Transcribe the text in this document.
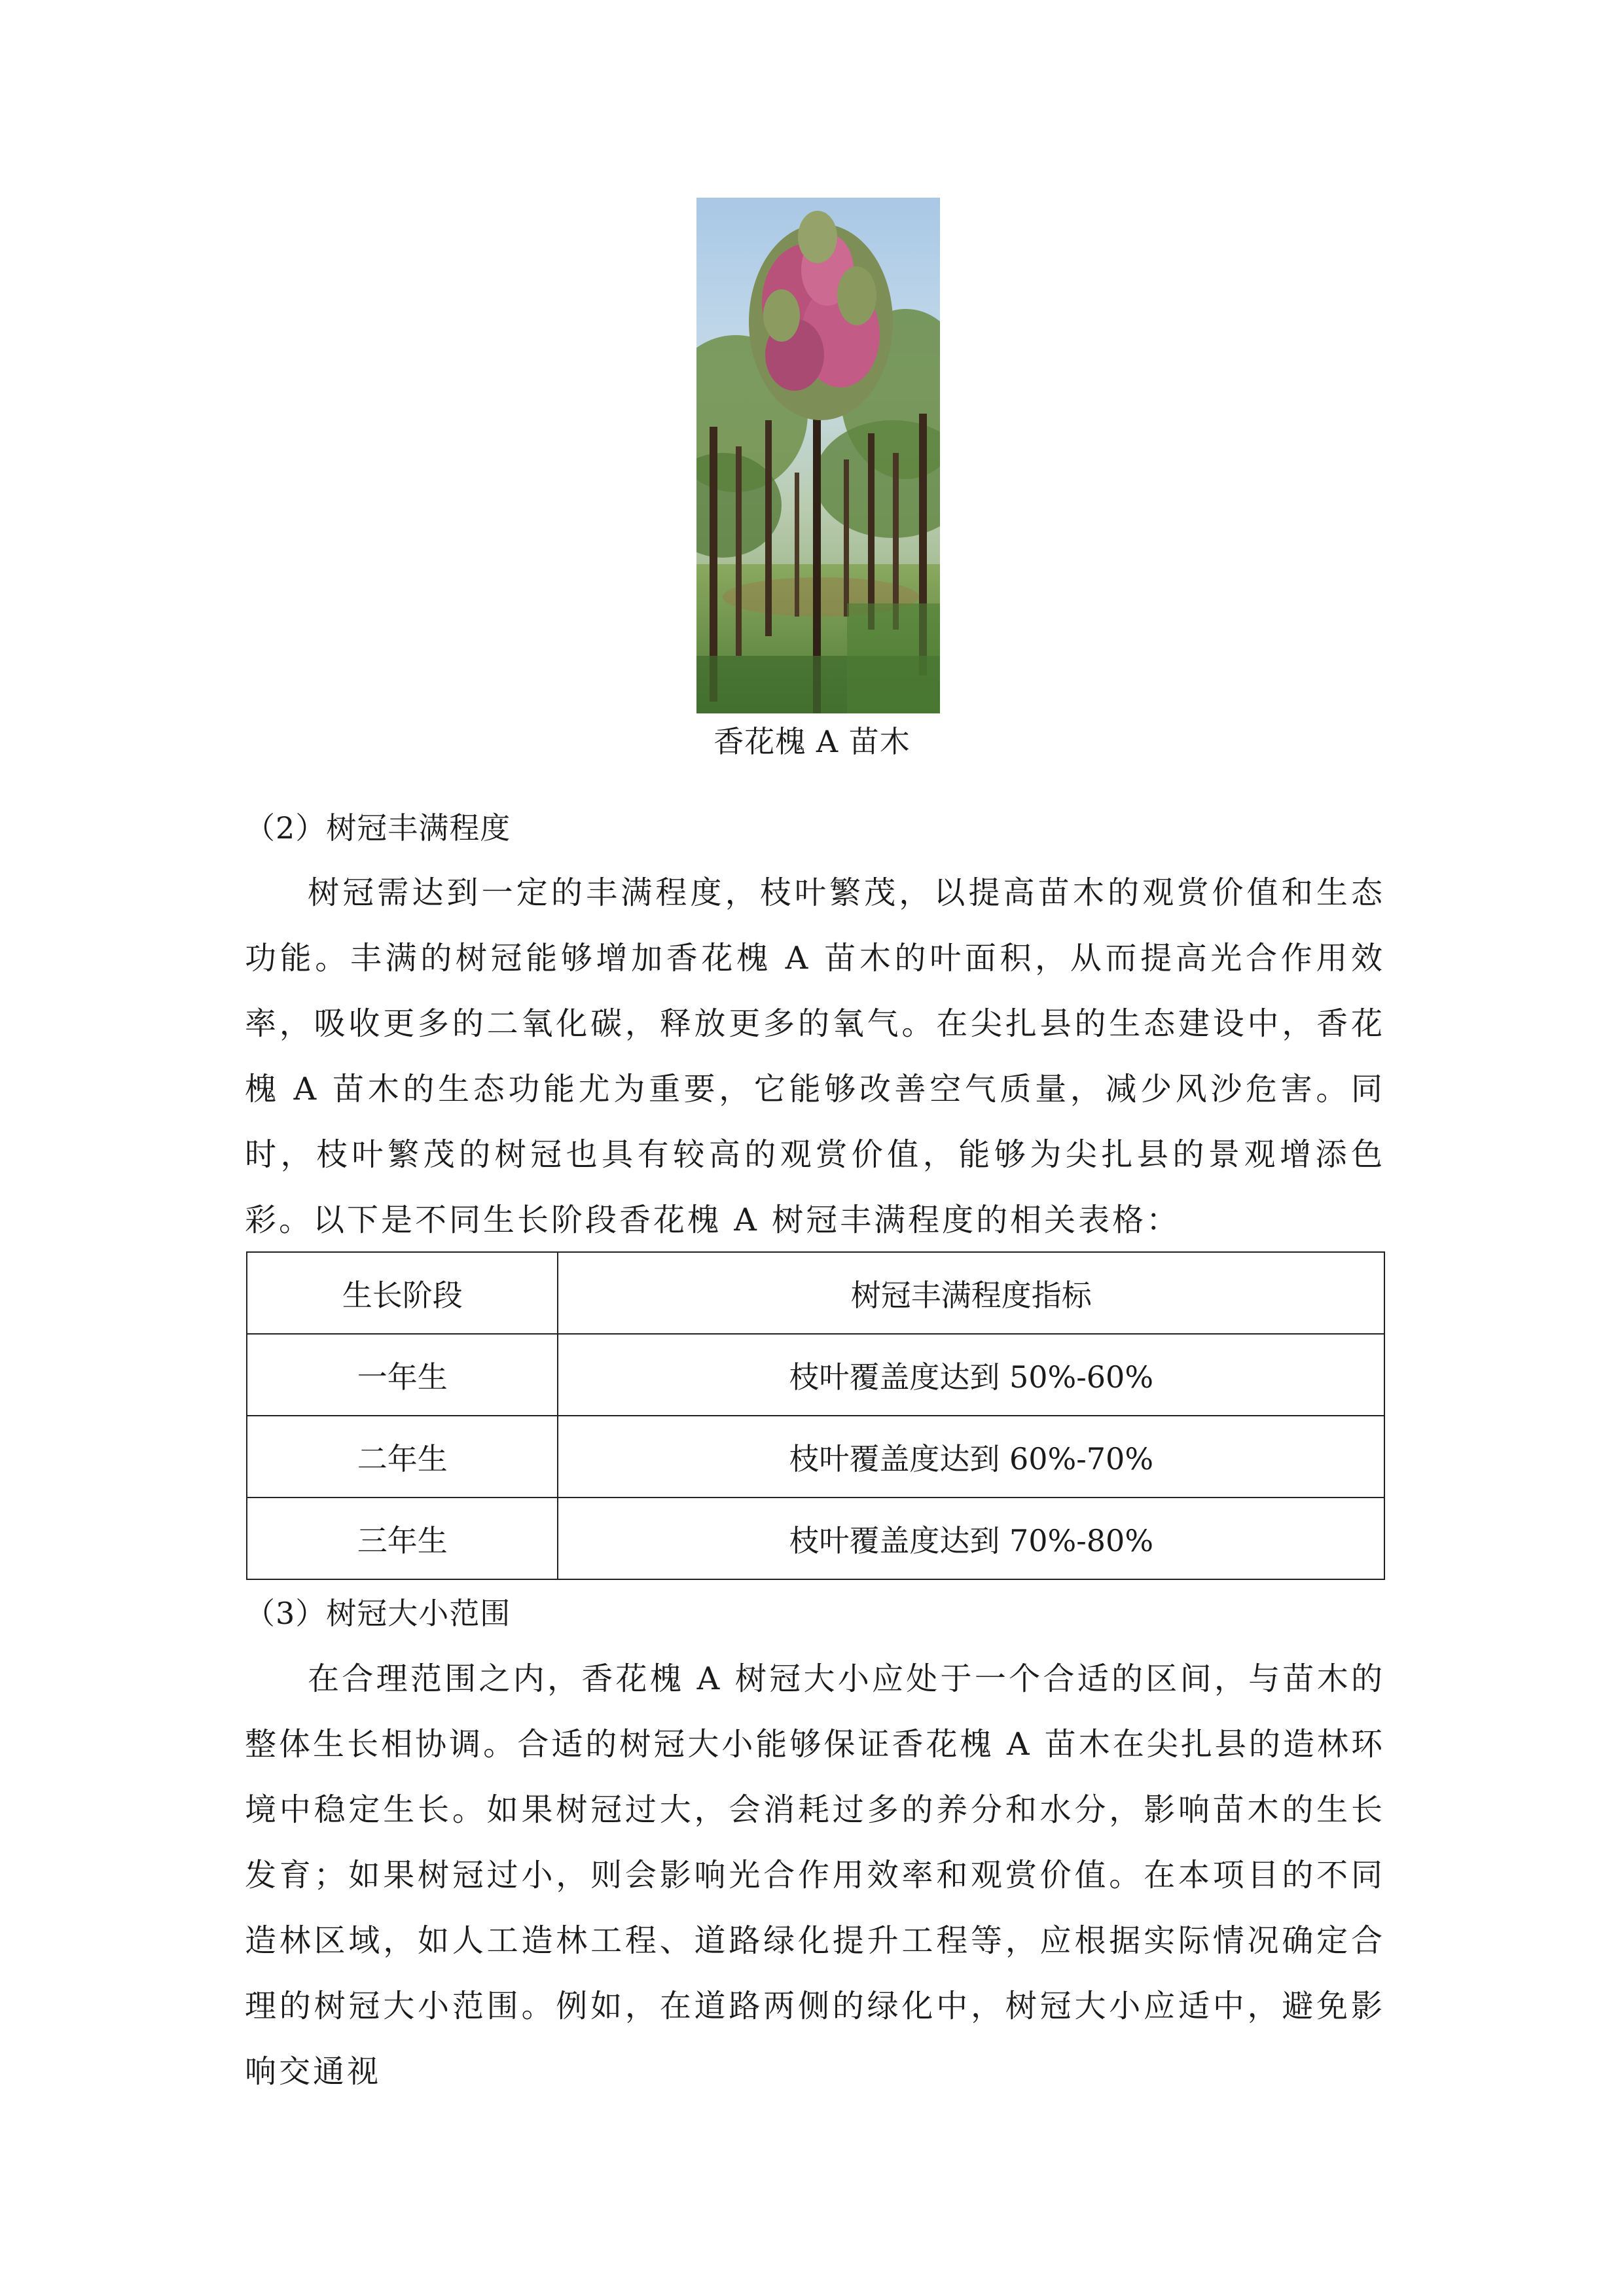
香花槐 A 苗木
（2）树冠丰满程度

树冠需达到一定的丰满程度，枝叶繁茂，以提高苗木的观赏价值和生态功能。丰满的树冠能够增加香花槐 A 苗木的叶面积，从而提高光合作用效率，吸收更多的二氧化碳，释放更多的氧气。在尖扎县的生态建设中，香花槐 A 苗木的生态功能尤为重要，它能够改善空气质量，减少风沙危害。同时，枝叶繁茂的树冠也具有较高的观赏价值，能够为尖扎县的景观增添色彩。以下是不同生长阶段香花槐 A 树冠丰满程度的相关表格：

生长阶段	树冠丰满程度指标
一年生	枝叶覆盖度达到 50%-60%
二年生	枝叶覆盖度达到 60%-70%
三年生	枝叶覆盖度达到 70%-80%
（3）树冠大小范围

在合理范围之内，香花槐 A 树冠大小应处于一个合适的区间，与苗木的整体生长相协调。合适的树冠大小能够保证香花槐 A 苗木在尖扎县的造林环境中稳定生长。如果树冠过大，会消耗过多的养分和水分，影响苗木的生长发育；如果树冠过小，则会影响光合作用效率和观赏价值。在本项目的不同造林区域，如人工造林工程、道路绿化提升工程等，应根据实际情况确定合理的树冠大小范围。例如，在道路两侧的绿化中，树冠大小应适中，避免影响交通视
